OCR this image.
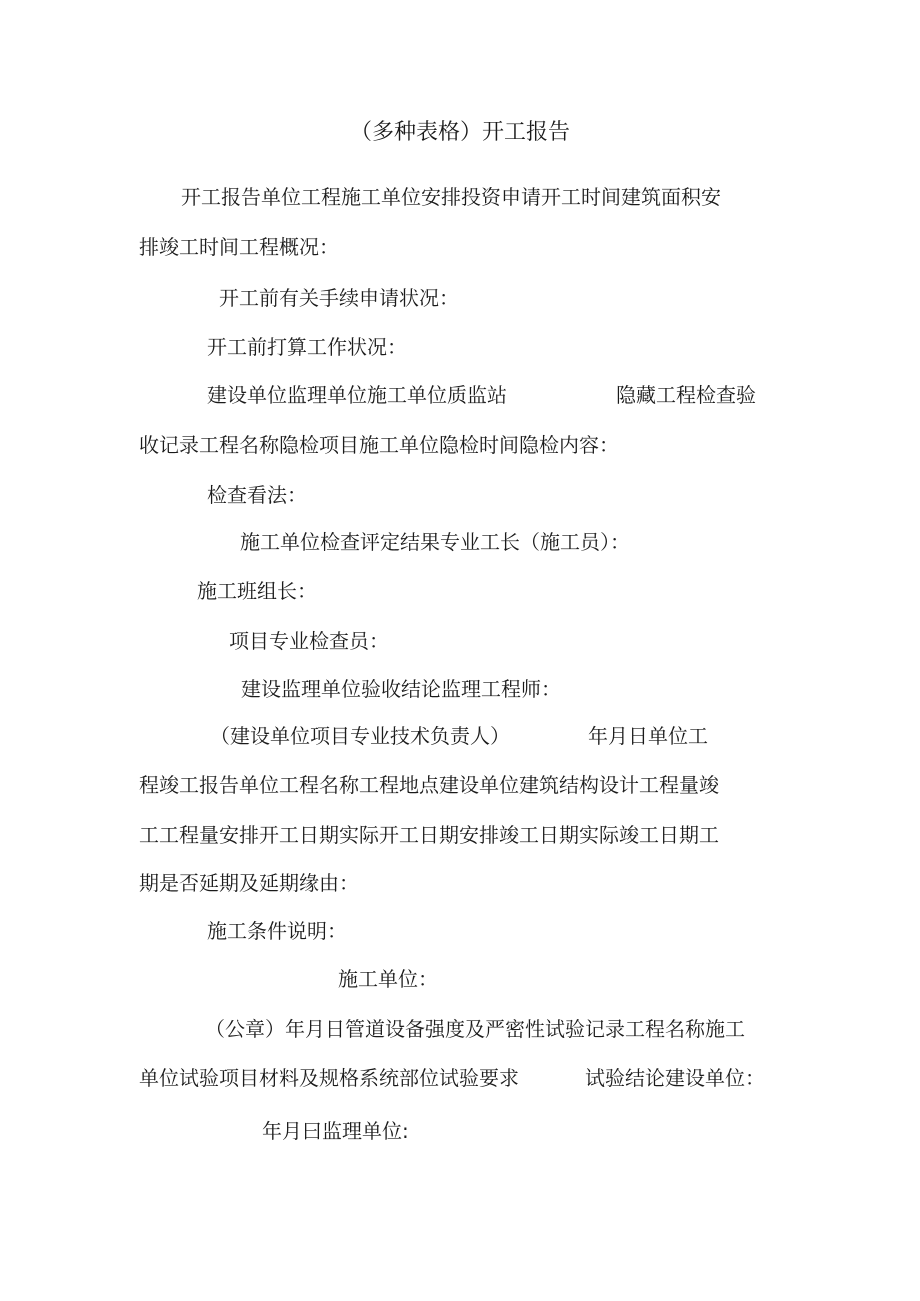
（多种表格）开工报告
开工报告单位工程施工单位安排投资申请开工时间建筑面积安
排竣工时间工程概况：
开工前有关手续申请状况：
开工前打算工作状况：
建设单位监理单位施工单位质监站	隐藏工程检查验
收记录工程名称隐检项目施工单位隐检时间隐检内容：
检查看法：
施工单位检查评定结果专业工长（施工员）：
施工班组长：
项目专业检查员：
建设监理单位验收结论监理工程师：
（建设单位项目专业技术负责人）	年月日单位工
程竣工报告单位工程名称工程地点建设单位建筑结构设计工程量竣
工工程量安排开工日期实际开工日期安排竣工日期实际竣工日期工
期是否延期及延期缘由：
施工条件说明：
施工单位：
（公章）年月日管道设备强度及严密性试验记录工程名称施工
单位试验项目材料及规格系统部位试验要求	试验结论建设单位：
年月曰监理单位:
